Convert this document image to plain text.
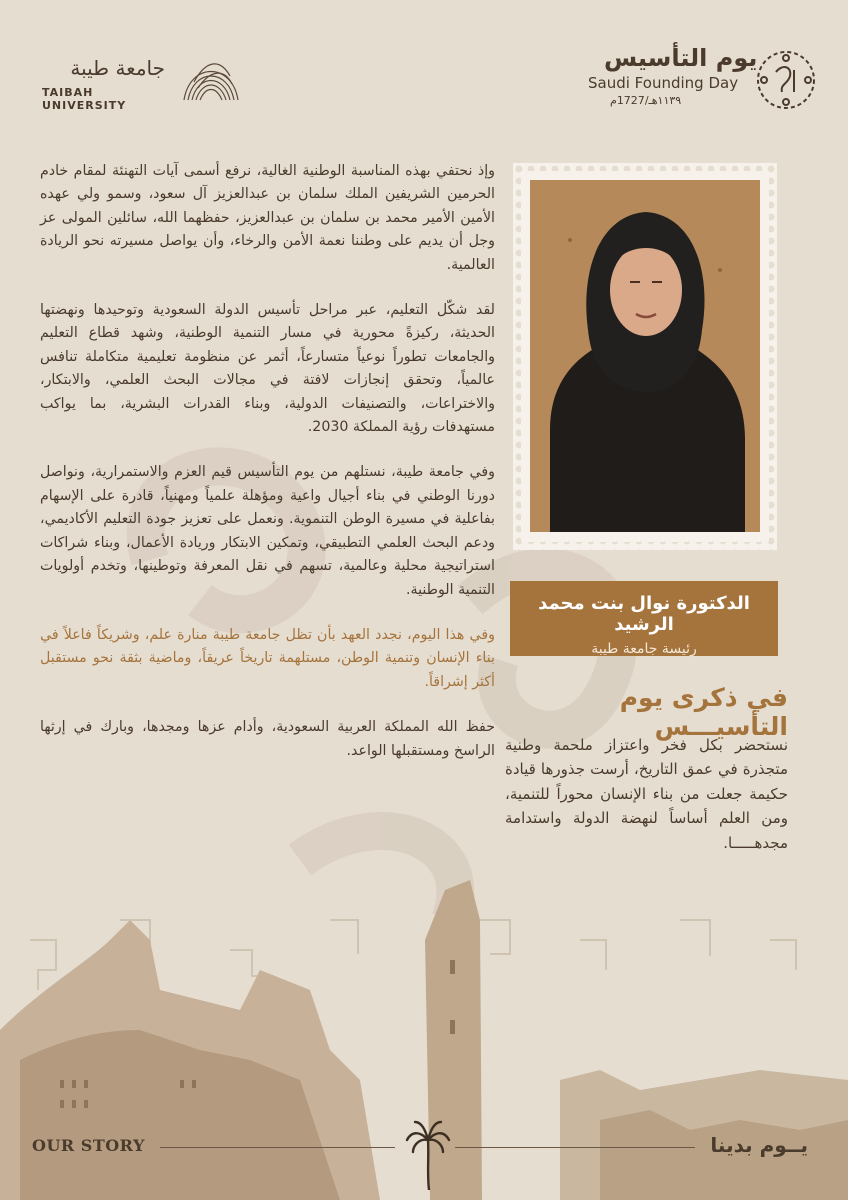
جامعة طيبة
TAIBAH UNIVERSITY
يوم التأسيس
Saudi Founding Day
١١٣٩هـ/1727م

وإذ نحتفي بهذه المناسبة الوطنية الغالية، نرفع أسمى آيات التهنئة لمقام خادم الحرمين الشريفين الملك سلمان بن عبدالعزيز آل سعود، وسمو ولي عهده الأمين الأمير محمد بن سلمان بن عبدالعزيز، حفظهما الله، سائلين المولى عز وجل أن يديم على وطننا نعمة الأمن والرخاء، وأن يواصل مسيرته نحو الريادة العالمية.

لقد شكّل التعليم، عبر مراحل تأسيس الدولة السعودية وتوحيدها ونهضتها الحديثة، ركيزةً محورية في مسار التنمية الوطنية، وشهد قطاع التعليم والجامعات تطوراً نوعياً متسارعاً، أثمر عن منظومة تعليمية متكاملة تنافس عالمياً، وتحقق إنجازات لافتة في مجالات البحث العلمي، والابتكار، والاختراعات، والتصنيفات الدولية، وبناء القدرات البشرية، بما يواكب مستهدفات رؤية المملكة 2030.

وفي جامعة طيبة، نستلهم من يوم التأسيس قيم العزم والاستمرارية، ونواصل دورنا الوطني في بناء أجيال واعية ومؤهلة علمياً ومهنياً، قادرة على الإسهام بفاعلية في مسيرة الوطن التنموية. ونعمل على تعزيز جودة التعليم الأكاديمي، ودعم البحث العلمي التطبيقي، وتمكين الابتكار وريادة الأعمال، وبناء شراكات استراتيجية محلية وعالمية، تسهم في نقل المعرفة وتوطينها، وتخدم أولويات التنمية الوطنية.

وفي هذا اليوم، نجدد العهد بأن تظل جامعة طيبة منارة علم، وشريكاً فاعلاً في بناء الإنسان وتنمية الوطن، مستلهمة تاريخاً عريقاً، وماضية بثقة نحو مستقبل أكثر إشراقاً.

حفظ الله المملكة العربية السعودية، وأدام عزها ومجدها، وبارك في إرثها الراسخ ومستقبلها الواعد.

الدكتورة نوال بنت محمد الرشيد
رئيسة جامعة طيبة
في ذكرى يوم التأسيـــس
نستحضر بكل فخر واعتزاز ملحمة وطنية متجذرة في عمق التاريخ، أرست جذورها قيادة حكيمة جعلت من بناء الإنسان محوراً للتنمية، ومن العلم أساساً لنهضة الدولة واستدامة مجدهـــــا.
OUR STORY	يــوم بدينا
